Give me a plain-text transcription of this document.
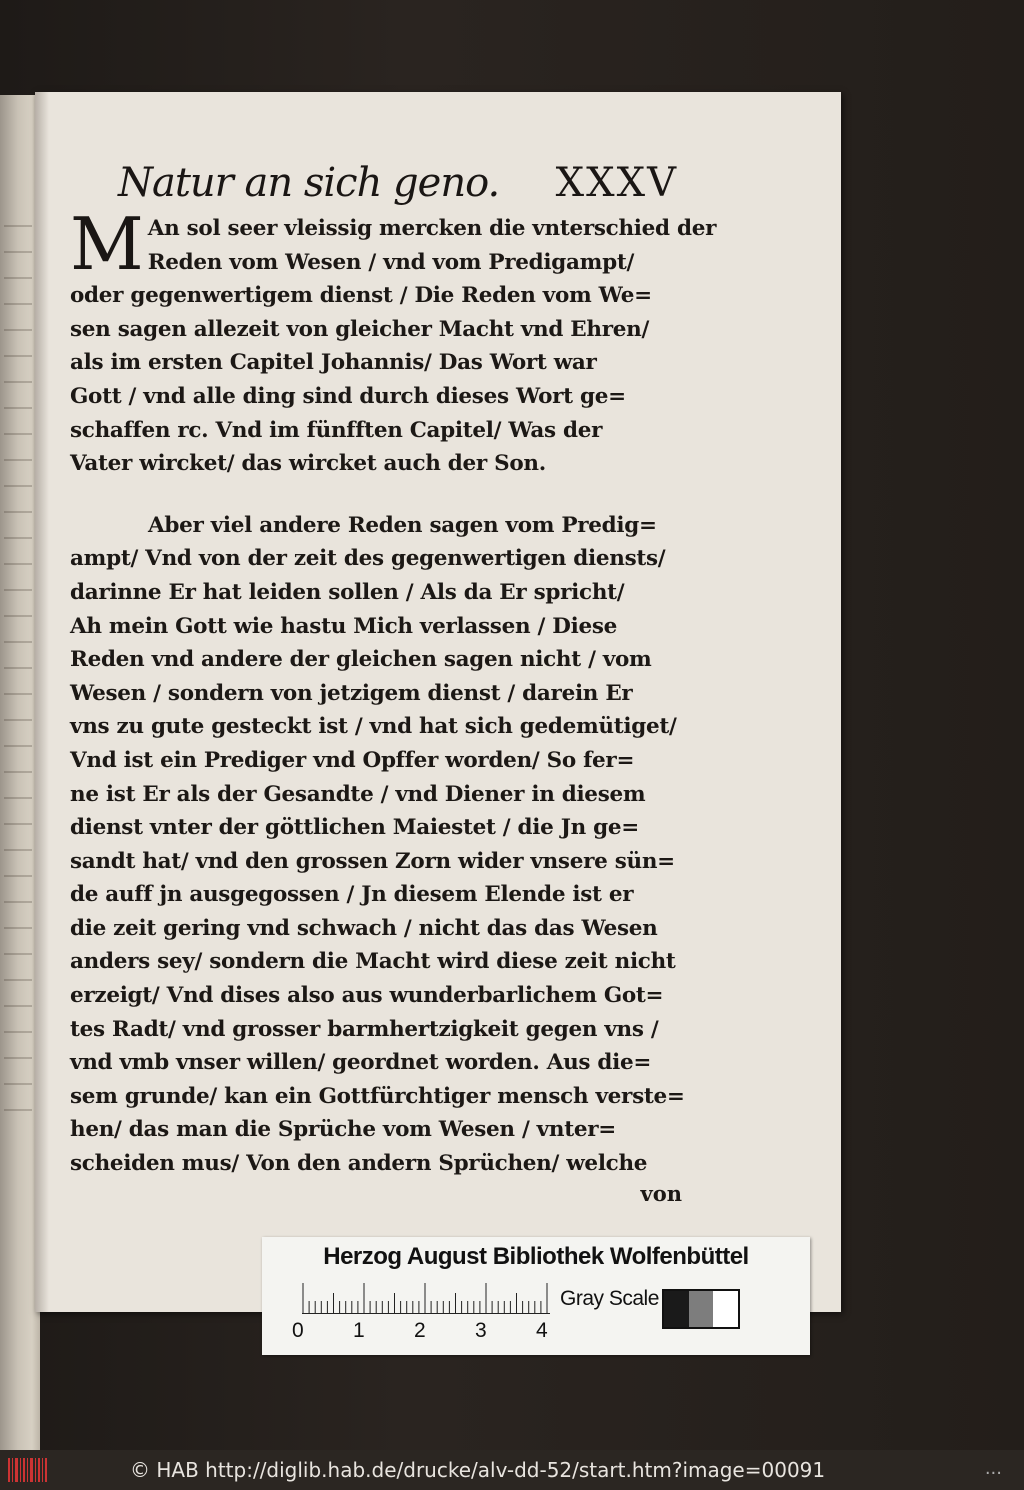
Natur an sich geno. XXXV
M An sol seer vleissig mercken die vnterschied der
Reden vom Wesen / vnd vom Predigampt/
oder gegenwertigem dienst / Die Reden vom We=
sen sagen allezeit von gleicher Macht vnd Ehren/
als im ersten Capitel Johannis/ Das Wort war
Gott / vnd alle ding sind durch dieses Wort ge=
schaffen rc. Vnd im fünfften Capitel/ Was der
Vater wircket/ das wircket auch der Son.
Aber viel andere Reden sagen vom Predig=
ampt/ Vnd von der zeit des gegenwertigen diensts/
darinne Er hat leiden sollen / Als da Er spricht/
Ah mein Gott wie hastu Mich verlassen / Diese
Reden vnd andere der gleichen sagen nicht / vom
Wesen / sondern von jetzigem dienst / darein Er
vns zu gute gesteckt ist / vnd hat sich gedemütiget/
Vnd ist ein Prediger vnd Opffer worden/ So fer=
ne ist Er als der Gesandte / vnd Diener in diesem
dienst vnter der göttlichen Maiestet / die Jn ge=
sandt hat/ vnd den grossen Zorn wider vnsere sün=
de auff jn ausgegossen / Jn diesem Elende ist er
die zeit gering vnd schwach / nicht das das Wesen
anders sey/ sondern die Macht wird diese zeit nicht
erzeigt/ Vnd dises also aus wunderbarlichem Got=
tes Radt/ vnd grosser barmhertzigkeit gegen vns /
vnd vmb vnser willen/ geordnet worden. Aus die=
sem grunde/ kan ein Gottfürchtiger mensch verste=
hen/ das man die Sprüche vom Wesen / vnter=
scheiden mus/ Von den andern Sprüchen/ welche
von
Herzog August Bibliothek Wolfenbüttel
0 1 2 3 4
Gray Scale
© HAB http://diglib.hab.de/drucke/alv-dd-52/start.htm?image=00091	...
